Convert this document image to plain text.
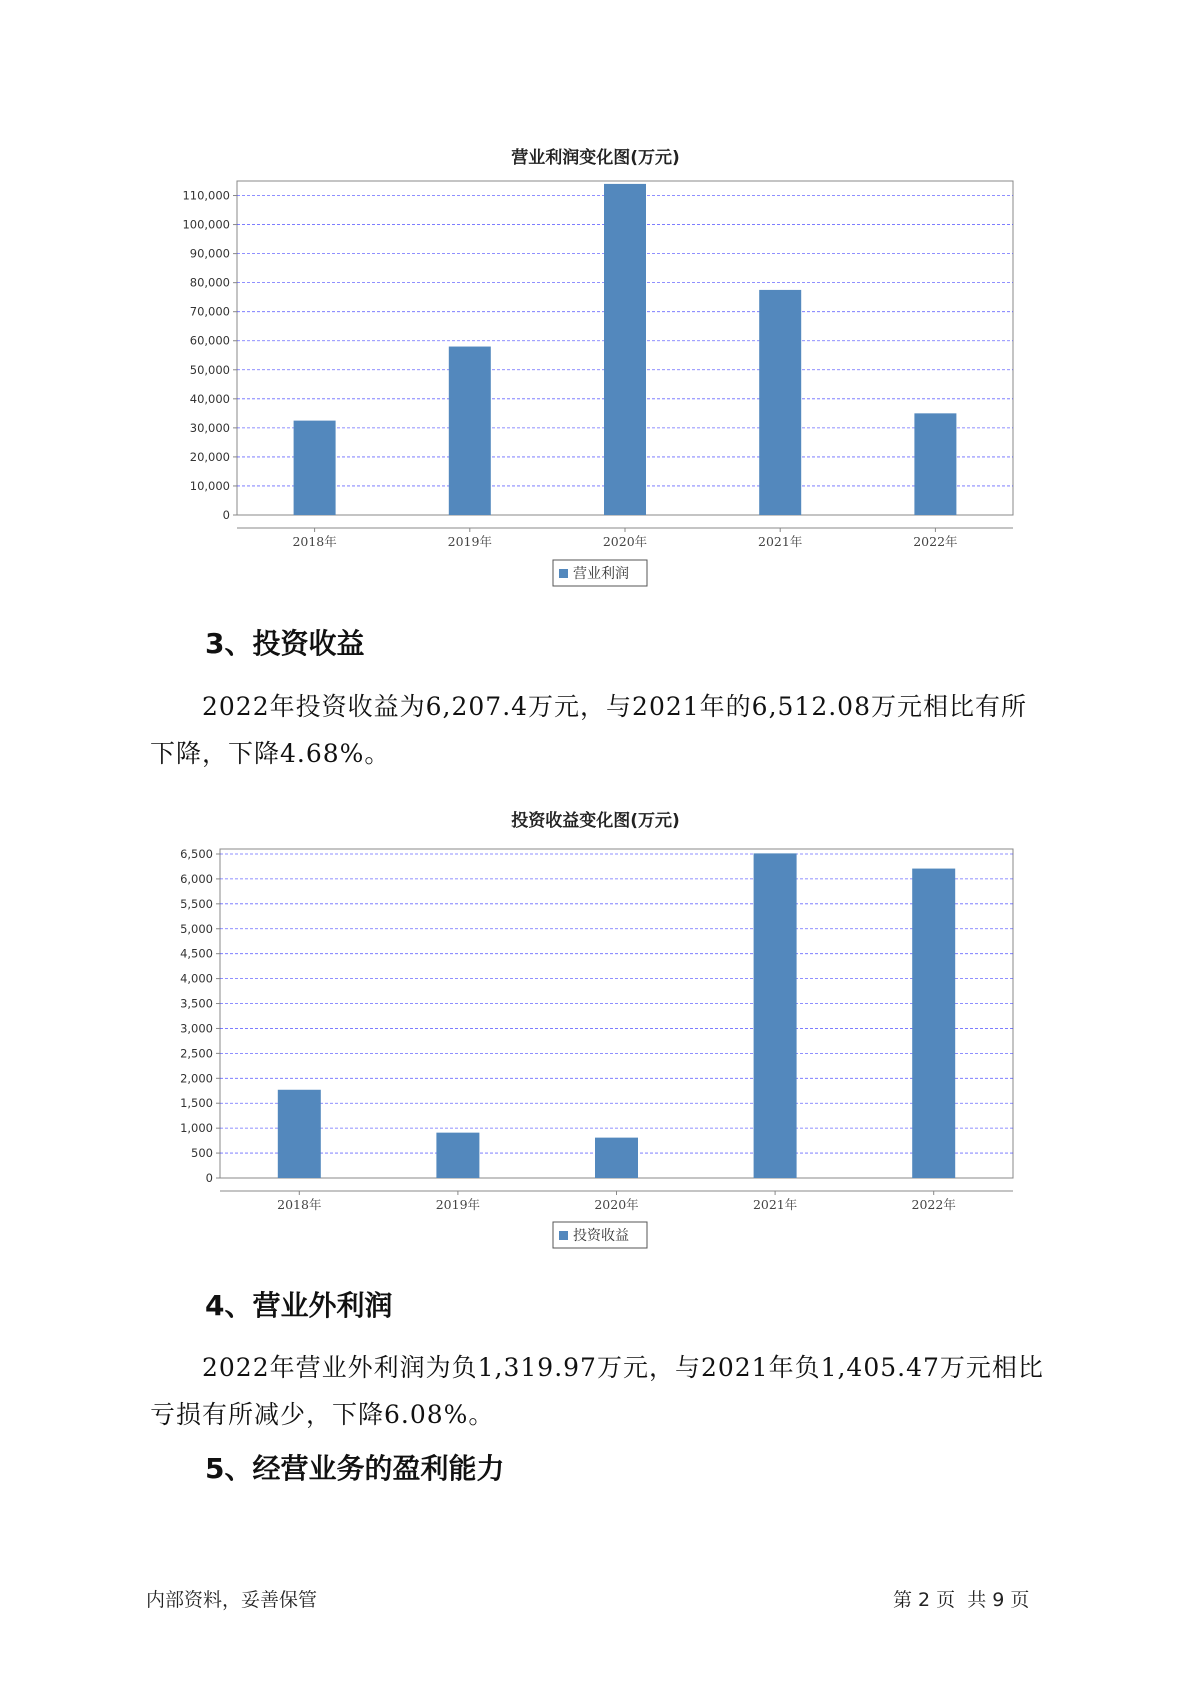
营业利润变化图(万元)
0
10,000
20,000
30,000
40,000
50,000
60,000
70,000
80,000
90,000
100,000
110,000
2018年	2019年	2020年	2021年	2022年
营业利润
3、投资收益
2022年投资收益为6,207.4万元，与2021年的6,512.08万元相比有所下降，下降4.68%。
投资收益变化图(万元)
0
500
1,000
1,500
2,000
2,500
3,000
3,500
4,000
4,500
5,000
5,500
6,000
6,500
2018年	2019年	2020年	2021年	2022年
投资收益
4、营业外利润
2022年营业外利润为负1,319.97万元，与2021年负1,405.47万元相比亏损有所减少，下降6.08%。
5、经营业务的盈利能力
内部资料，妥善保管	第 2 页  共 9 页
